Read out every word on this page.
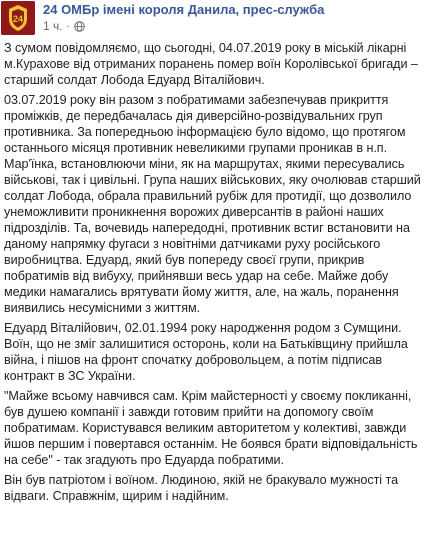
24
24 ОМБр імені короля Данила, прес-служба
1 ч. ·

З сумом повідомляємо, що сьогодні, 04.07.2019 року в міській лікарні
м.Курахове від отриманих поранень помер воїн Королівської бригади –
старший солдат Лобода Едуард Віталійович.

03.07.2019 року він разом з побратимами забезпечував прикриття
проміжків, де передбачалась дія диверсійно-розвідувальних груп
противника. За попередньою інформацією було відомо, що протягом
останнього місяця противник невеликими групами проникав в н.п.
Мар'їнка, встановлюючи міни, як на маршрутах, якими пересувались
військові, так і цивільні. Група наших військових, яку очолював старший
солдат Лобода, обрала правильний рубіж для протидії, що дозволило
унеможливити проникнення ворожих диверсантів в районі наших
підрозділів. Та, вочевидь напередодні, противник встиг встановити на
даному напрямку фугаси з новітніми датчиками руху російського
виробництва. Едуард, який був попереду своєї групи, прикрив
побратимів від вибуху, прийнявши весь удар на себе. Майже добу
медики намагались врятувати йому життя, але, на жаль, поранення
виявились несумісними з життям.

Едуард Віталійович, 02.01.1994 року народження родом з Сумщини.
Воїн, що не зміг залишитися осторонь, коли на Батьківщину прийшла
війна, і пішов на фронт спочатку добровольцем, а потім підписав
контракт в ЗС України.

"Майже всьому навчився сам. Крім майстерності у своєму покликанні,
був душею компанії і завжди готовим прийти на допомогу своїм
побратимам. Користувався великим авторитетом у колективі, завжди
йшов першим і повертався останнім. Не боявся брати відповідальність
на себе" - так згадують про Едуарда побратими.

Він був патріотом і воїном. Людиною, якій не бракувало мужності та
відваги. Справжнім, щирим і надійним.
